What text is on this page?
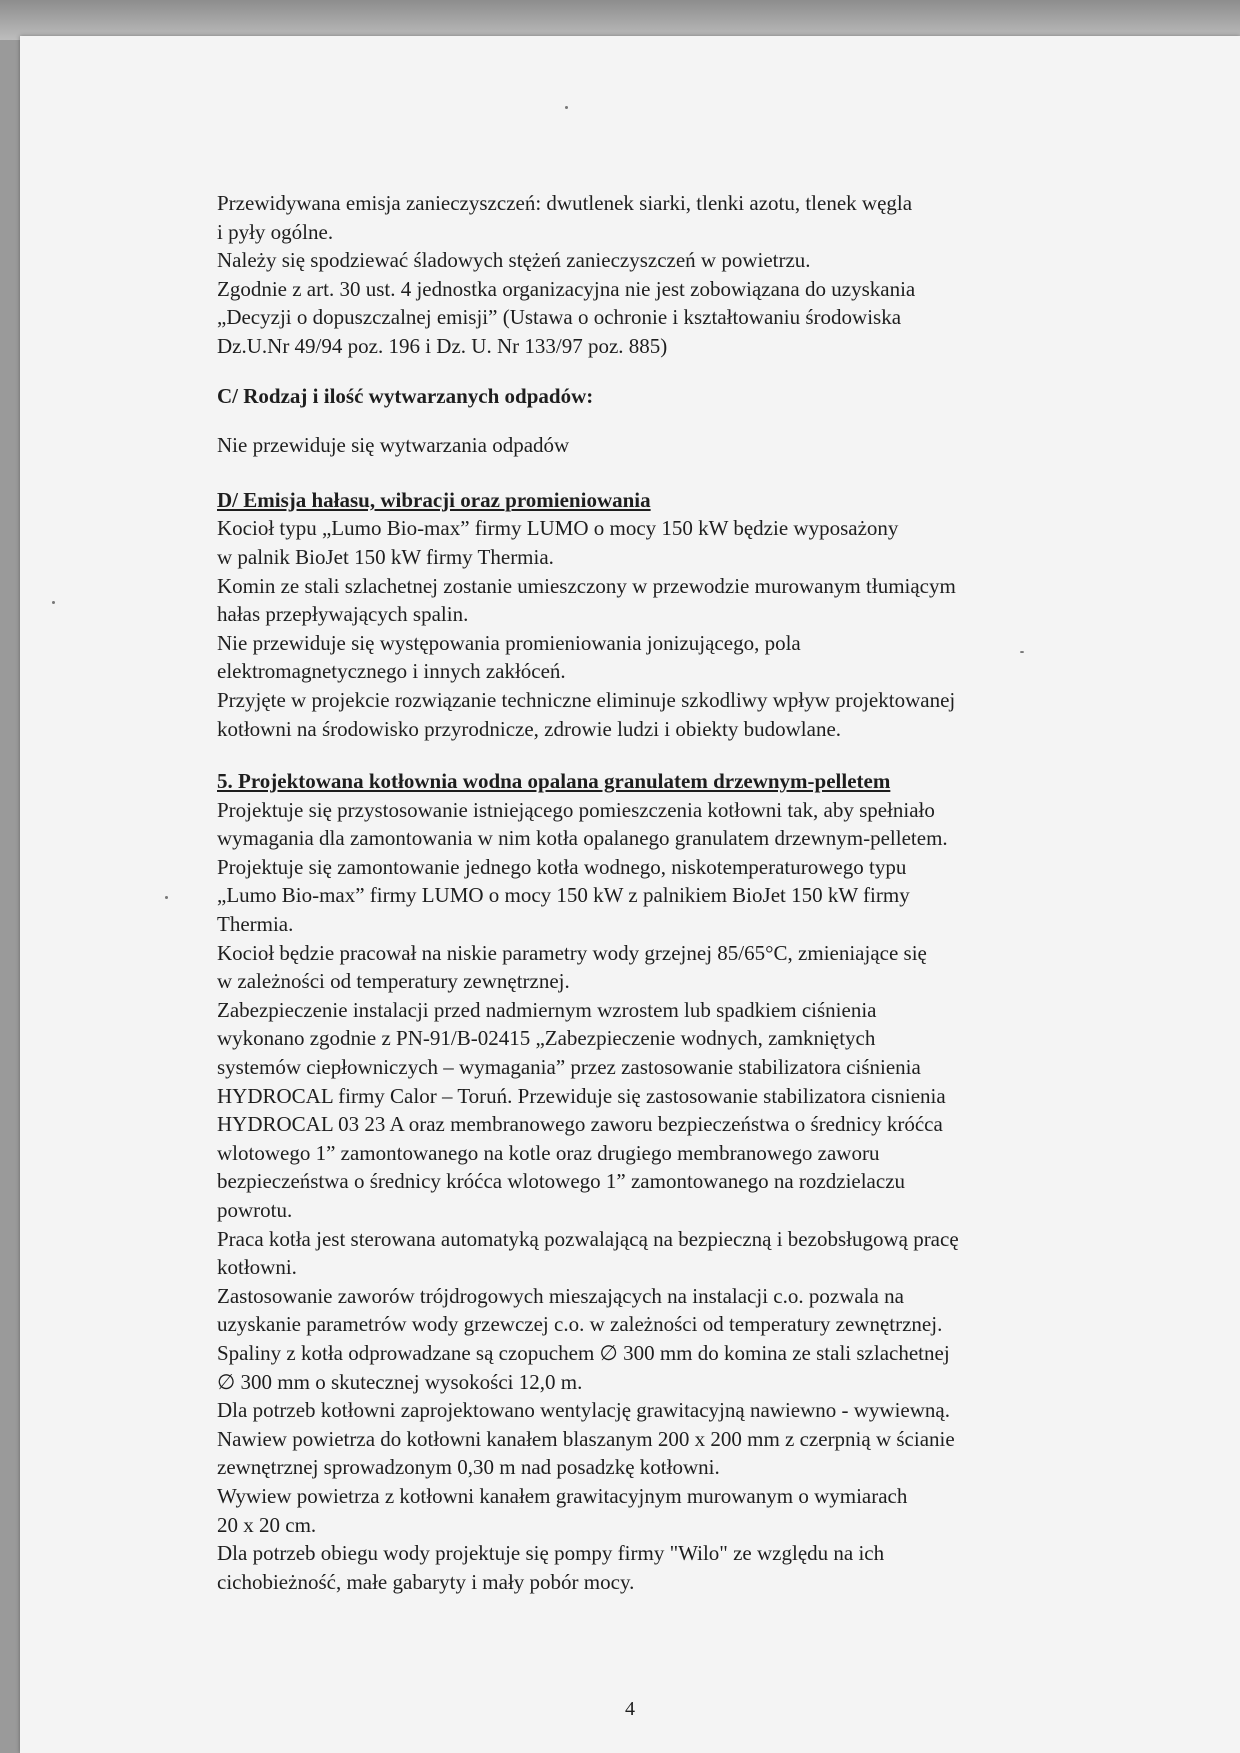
Przewidywana emisja zanieczyszczeń: dwutlenek siarki, tlenki azotu, tlenek węgla

i pyły ogólne.

Należy się spodziewać śladowych stężeń zanieczyszczeń w powietrzu.

Zgodnie z art. 30 ust. 4 jednostka organizacyjna nie jest zobowiązana do uzyskania

„Decyzji o dopuszczalnej emisji” (Ustawa o ochronie i kształtowaniu środowiska

Dz.U.Nr 49/94 poz. 196 i Dz. U. Nr 133/97 poz. 885)

C/ Rodzaj i ilość wytwarzanych odpadów:

Nie przewiduje się wytwarzania odpadów

D/ Emisja hałasu, wibracji oraz promieniowania

Kocioł typu „Lumo Bio-max” firmy LUMO o mocy 150 kW będzie wyposażony

w palnik BioJet 150 kW firmy Thermia.

Komin ze stali szlachetnej zostanie umieszczony w przewodzie murowanym tłumiącym

hałas przepływających spalin.

Nie przewiduje się występowania promieniowania jonizującego, pola

elektromagnetycznego i innych zakłóceń.

Przyjęte w projekcie rozwiązanie techniczne eliminuje szkodliwy wpływ projektowanej

kotłowni na środowisko przyrodnicze, zdrowie ludzi i obiekty budowlane.

5. Projektowana kotłownia wodna opalana granulatem drzewnym-pelletem

Projektuje się przystosowanie istniejącego pomieszczenia kotłowni tak, aby spełniało

wymagania dla zamontowania w nim kotła opalanego granulatem drzewnym-pelletem.

Projektuje się zamontowanie jednego kotła wodnego, niskotemperaturowego typu

„Lumo Bio-max” firmy LUMO o mocy 150 kW z palnikiem BioJet 150 kW firmy

Thermia.

Kocioł będzie pracował na niskie parametry wody grzejnej 85/65°C, zmieniające się

w zależności od temperatury zewnętrznej.

Zabezpieczenie instalacji przed nadmiernym wzrostem lub spadkiem ciśnienia

wykonano zgodnie z PN-91/B-02415 „Zabezpieczenie wodnych, zamkniętych

systemów ciepłowniczych – wymagania” przez zastosowanie stabilizatora ciśnienia

HYDROCAL firmy Calor – Toruń. Przewiduje się zastosowanie stabilizatora cisnienia

HYDROCAL 03 23 A oraz membranowego zaworu bezpieczeństwa o średnicy króćca

wlotowego 1” zamontowanego na kotle oraz drugiego membranowego zaworu

bezpieczeństwa o średnicy króćca wlotowego 1” zamontowanego na rozdzielaczu

powrotu.

Praca kotła jest sterowana automatyką pozwalającą na bezpieczną i bezobsługową pracę

kotłowni.

Zastosowanie zaworów trójdrogowych mieszających na instalacji c.o. pozwala na

uzyskanie parametrów wody grzewczej c.o. w zależności od temperatury zewnętrznej.

Spaliny z kotła odprowadzane są czopuchem ∅ 300 mm do komina ze stali szlachetnej

∅ 300 mm o skutecznej wysokości 12,0 m.

Dla potrzeb kotłowni zaprojektowano wentylację grawitacyjną nawiewno - wywiewną.

Nawiew powietrza do kotłowni kanałem blaszanym 200 x 200 mm z czerpnią w ścianie

zewnętrznej sprowadzonym 0,30 m nad posadzkę kotłowni.

Wywiew powietrza z kotłowni kanałem grawitacyjnym murowanym o wymiarach

20 x 20 cm.

Dla potrzeb obiegu wody projektuje się pompy firmy "Wilo" ze względu na ich

cichobieżność, małe gabaryty i mały pobór mocy.

4
